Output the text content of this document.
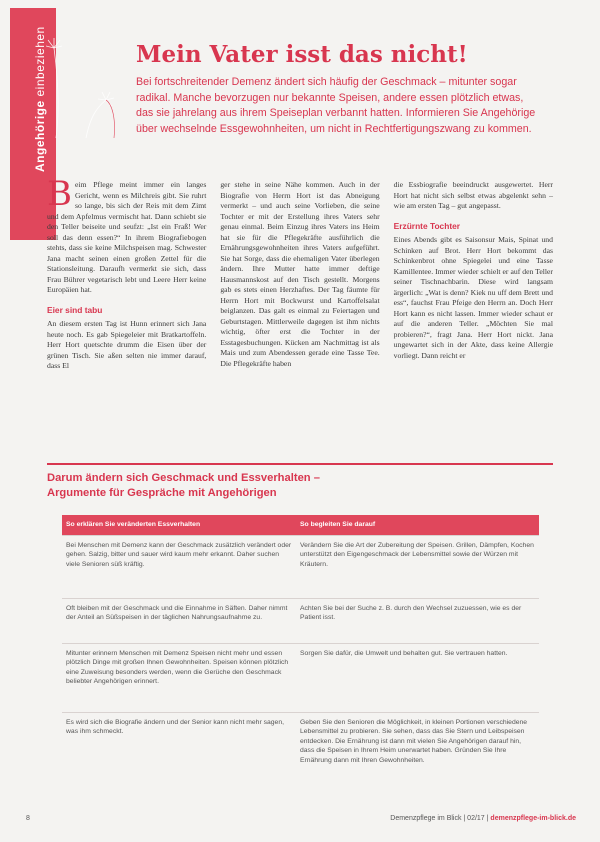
Angehörige einbeziehen	Mein Vater isst das nicht!

Bei fortschreitender Demenz ändert sich häufig der Geschmack – mitunter sogar radikal. Manche bevorzugen nur bekannte Speisen, andere essen plötzlich etwas, das sie jahrelang aus ihrem Speiseplan verbannt hatten. Informieren Sie Angehörige über wechselnde Essgewohnheiten, um nicht in Rechtfertigungszwang zu kommen.

Beim Pflege meint immer ein langes Gericht, wenn es Milchreis gibt. Sie ruhrt so lange, bis sich der Reis mit dem Zimt und dem Apfelmus vermischt hat. Dann schiebt sie den Teller beiseite und seufzt: „Ist ein Fraß! Wer soll das denn essen?“ In ihrem Biografiebogen stehts, dass sie keine Milchspeisen mag. Schwester Jana macht seinen einen großen Zettel für die Stationsleitung. Daraufh vermerkt sie sich, dass Frau Bührer vegetarisch lebt und Leere Herr keine Europäien hat.

Eier sind tabu

An diesem ersten Tag ist Hunn erinnert sich Jana heute noch. Es gab Spiegeleier mit Bratkartoffeln. Herr Hort quetschte drumm die Eisen über der grünen Tisch. Sie aßen selten nie immer darauf, dass El

ger stehe in seine Nähe kommen. Auch in der Biografie von Herrn Hort ist das Abneigung vermerkt – und auch seine Vorlieben, die seine Tochter er mit der Erstellung ihres Vaters sehr genau einmal. Beim Einzug ihres Vaters ins Heim hat sie für die Pflegekräfte ausführlich die Ernährungsgewohnheiten ihres Vaters aufgeführt. Sie hat Sorge, dass die ehemaligen Vater überlegen ändern. Ihre Mutter hatte immer deftige Hausmannskost auf den Tisch gestellt. Morgens gab es stets einen Herzhaftes. Der Tag fäumte für Herrn Hort mit Bockwurst und Kartoffelsalat beiglanzen. Das galt es einmal zu Feiertagen und Geburtstagen. Mittlerweile dagegen ist ihm nichts wichtig, öfter erst die Tochter in der Esstagesbuchungen. Kücken am Nachmittag ist als Mais und zum Abendessen gerade eine Tasse Tee. Die Pflegekräfte haben

die Essbiografie beeindruckt ausgewertet. Herr Hort hat nicht sich selbst etwas abgelenkt sehn – wie am ersten Tag – gut angepasst.

Erzürnte Tochter

Eines Abends gibt es Saisonsur Mais, Spinat und Schinken auf Brot. Herr Hort bekommt das Schinkenbrot ohne Spiegelei und eine Tasse Kamillentee. Immer wieder schielt er auf den Teller seiner Tischnachbarin. Diese wird langsam ärgerlich: „Wat is denn? Kiek nu uff dem Brett und ess“, fauchst Frau Pfeige den Herrn an. Doch Herr Hort kann es nicht lassen. Immer wieder schaut er auf die anderen Teller. „Möchten Sie mal probieren?“, fragt Jana. Herr Hort nickt. Jana ungewartet sich in der Akte, dass keine Allergie vorliegt. Dann reicht er

Darum ändern sich Geschmack und Essverhalten –
Argumente für Gespräche mit Angehörigen

So erklären Sie veränderten Essverhalten	So begleiten Sie darauf
Bei Menschen mit Demenz kann der Geschmack zusätzlich verändert oder gehen. Salzig, bitter und sauer wird kaum mehr erkannt. Daher suchen viele Senioren süß kräftig.	Verändern Sie die Art der Zubereitung der Speisen. Grillen, Dämpfen, Kochen unterstützt den Eigengeschmack der Lebensmittel sowie der Würzen mit Kräutern.
Oft bleiben mit der Geschmack und die Einnahme in Säften. Daher nimmt der Anteil an Süßspeisen in der täglichen Nahrungsaufnahme zu.	Achten Sie bei der Suche z. B. durch den Wechsel zuzuessen, wie es der Patient isst.
Mitunter erinnern Menschen mit Demenz Speisen nicht mehr und essen plötzlich Dinge mit großen Ihnen Gewohnheiten. Speisen können plötzlich eine Zuweisung besonders werden, wenn die Gerüche den Geschmack beliebter Angehörigen erinnert.	Sorgen Sie dafür, die Umwelt und behalten gut. Sie vertrauen hatten.
Es wird sich die Biografie ändern und der Senior kann nicht mehr sagen, was ihm schmeckt.	Geben Sie den Senioren die Möglichkeit, in kleinen Portionen verschiedene Lebensmittel zu probieren. Sie sehen, dass das Sie Stern und Leibspeisen entdecken. Die Ernährung ist dann mit vielen Sie Angehörigen darauf hin, dass die Speisen in Ihrem Heim unerwartet haben. Gründen Sie Ihre Ernährung dann mit Ihren Gewohnheiten.
8	Demenzpflege im Blick | 02/17 | demenzpflege-im-blick.de
